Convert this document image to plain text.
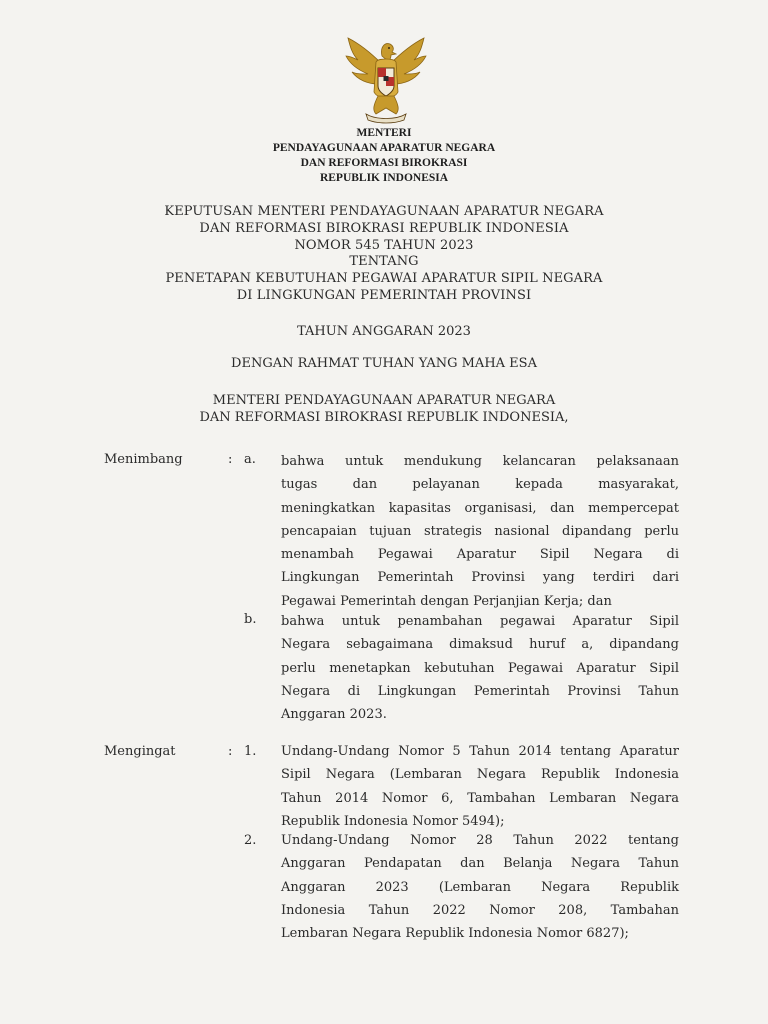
MENTERI
PENDAYAGUNAAN APARATUR NEGARA
DAN REFORMASI BIROKRASI
REPUBLIK INDONESIA
KEPUTUSAN MENTERI PENDAYAGUNAAN APARATUR NEGARA
DAN REFORMASI BIROKRASI REPUBLIK INDONESIA
NOMOR 545 TAHUN 2023
TENTANG
PENETAPAN KEBUTUHAN PEGAWAI APARATUR SIPIL NEGARA
DI LINGKUNGAN PEMERINTAH PROVINSI
TAHUN ANGGARAN 2023
DENGAN RAHMAT TUHAN YANG MAHA ESA
MENTERI PENDAYAGUNAAN APARATUR NEGARA
DAN REFORMASI BIROKRASI REPUBLIK INDONESIA,
Menimbang	: a. bahwa untuk mendukung kelancaran pelaksanaan
tugas dan pelayanan kepada masyarakat,
meningkatkan kapasitas organisasi, dan mempercepat
pencapaian tujuan strategis nasional dipandang perlu
menambah Pegawai Aparatur Sipil Negara di
Lingkungan Pemerintah Provinsi yang terdiri dari
Pegawai Pemerintah dengan Perjanjian Kerja; dan
b. bahwa untuk penambahan pegawai Aparatur Sipil
Negara sebagaimana dimaksud huruf a, dipandang
perlu menetapkan kebutuhan Pegawai Aparatur Sipil
Negara di Lingkungan Pemerintah Provinsi Tahun
Anggaran 2023.
Mengingat	: 1. Undang-Undang Nomor 5 Tahun 2014 tentang Aparatur
Sipil Negara (Lembaran Negara Republik Indonesia
Tahun 2014 Nomor 6, Tambahan Lembaran Negara
Republik Indonesia Nomor 5494);
2. Undang-Undang Nomor 28 Tahun 2022 tentang
Anggaran Pendapatan dan Belanja Negara Tahun
Anggaran 2023 (Lembaran Negara Republik
Indonesia Tahun 2022 Nomor 208, Tambahan
Lembaran Negara Republik Indonesia Nomor 6827);
